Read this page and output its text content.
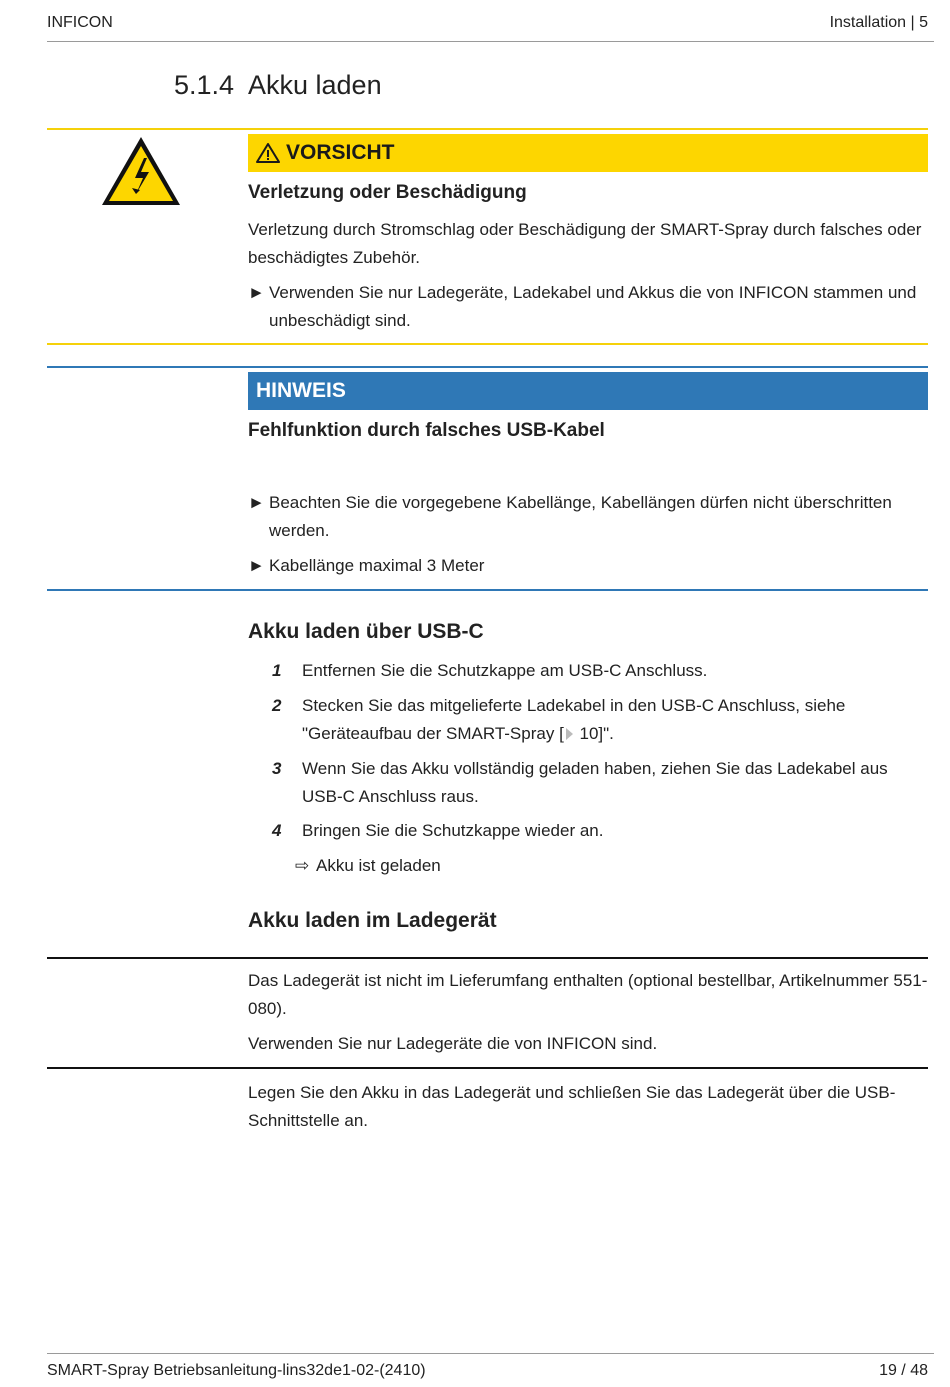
INFICON	Installation | 5
5.1.4 Akku laden
VORSICHT
Verletzung oder Beschädigung
Verletzung durch Stromschlag oder Beschädigung der SMART-Spray durch falsches oder beschädigtes Zubehör.
► Verwenden Sie nur Ladegeräte, Ladekabel und Akkus die von INFICON stammen und unbeschädigt sind.
HINWEIS
Fehlfunktion durch falsches USB-Kabel
► Beachten Sie die vorgegebene Kabellänge, Kabellängen dürfen nicht überschritten werden.
► Kabellänge maximal 3 Meter
Akku laden über USB-C
1 Entfernen Sie die Schutzkappe am USB-C Anschluss.
2 Stecken Sie das mitgelieferte Ladekabel in den USB-C Anschluss, siehe "Geräteaufbau der SMART-Spray [ 10]".
3 Wenn Sie das Akku vollständig geladen haben, ziehen Sie das Ladekabel aus USB-C Anschluss raus.
4 Bringen Sie die Schutzkappe wieder an.
⇨ Akku ist geladen
Akku laden im Ladegerät
Das Ladegerät ist nicht im Lieferumfang enthalten (optional bestellbar, Artikelnummer 551-080).
Verwenden Sie nur Ladegeräte die von INFICON sind.
Legen Sie den Akku in das Ladegerät und schließen Sie das Ladegerät über die USB-Schnittstelle an.
SMART-Spray Betriebsanleitung-lins32de1-02-(2410)	19 / 48
